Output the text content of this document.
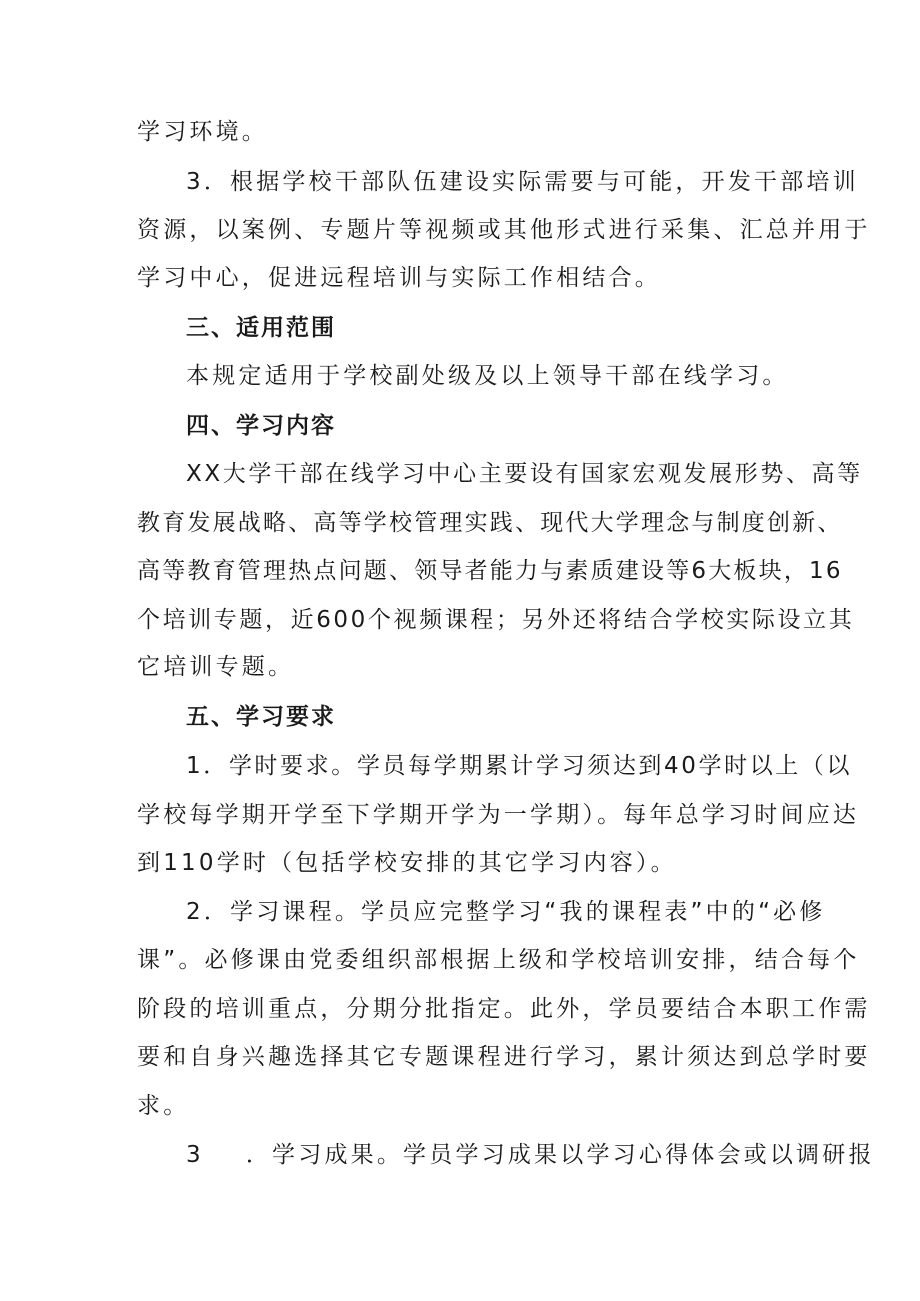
学习环境。
3．根据学校干部队伍建设实际需要与可能，开发干部培训
资源，以案例、专题片等视频或其他形式进行采集、汇总并用于
学习中心，促进远程培训与实际工作相结合。
三、适用范围
本规定适用于学校副处级及以上领导干部在线学习。
四、学习内容
XX大学干部在线学习中心主要设有国家宏观发展形势、高等
教育发展战略、高等学校管理实践、现代大学理念与制度创新、
高等教育管理热点问题、领导者能力与素质建设等6大板块，16
个培训专题，近600个视频课程；另外还将结合学校实际设立其
它培训专题。
五、学习要求
1．学时要求。学员每学期累计学习须达到40学时以上（以
学校每学期开学至下学期开学为一学期）。每年总学习时间应达
到110学时（包括学校安排的其它学习内容）。
2．学习课程。学员应完整学习“我的课程表”中的“必修
课”。必修课由党委组织部根据上级和学校培训安排，结合每个
阶段的培训重点，分期分批指定。此外，学员要结合本职工作需
要和自身兴趣选择其它专题课程进行学习，累计须达到总学时要
求。
3 ．学习成果。学员学习成果以学习心得体会或以调研报
